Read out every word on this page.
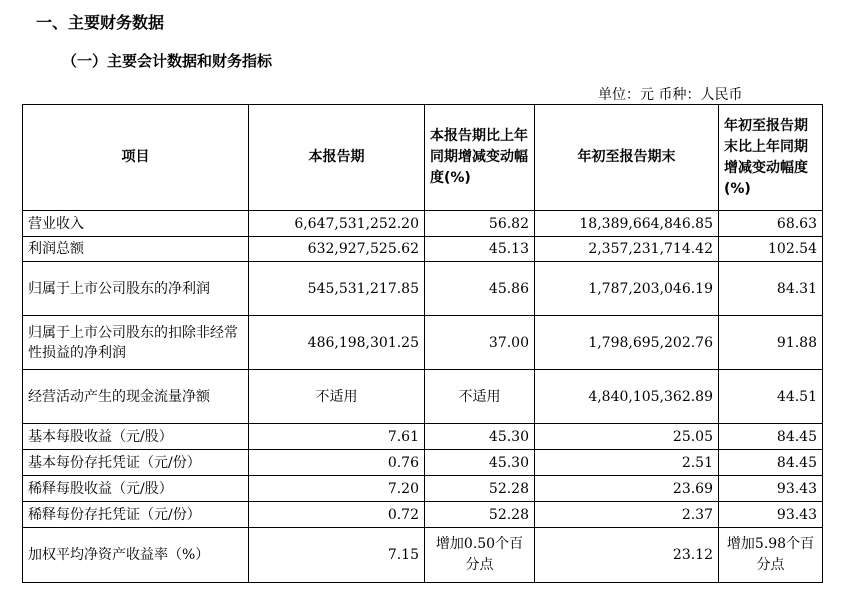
一、主要财务数据
（一）主要会计数据和财务指标
单位：元 币种：人民币
项目	本报告期	本报告期比上年同期增减变动幅度(%)	年初至报告期末	年初至报告期末比上年同期增减变动幅度(%)
营业收入	6,647,531,252.20	56.82	18,389,664,846.85	68.63
利润总额	632,927,525.62	45.13	2,357,231,714.42	102.54
归属于上市公司股东的净利润	545,531,217.85	45.86	1,787,203,046.19	84.31
归属于上市公司股东的扣除非经常性损益的净利润	486,198,301.25	37.00	1,798,695,202.76	91.88
经营活动产生的现金流量净额	不适用	不适用	4,840,105,362.89	44.51
基本每股收益（元/股）	7.61	45.30	25.05	84.45
基本每份存托凭证（元/份）	0.76	45.30	2.51	84.45
稀释每股收益（元/股）	7.20	52.28	23.69	93.43
稀释每份存托凭证（元/份）	0.72	52.28	2.37	93.43
加权平均净资产收益率（%）	7.15	增加0.50个百分点	23.12	增加5.98个百分点
